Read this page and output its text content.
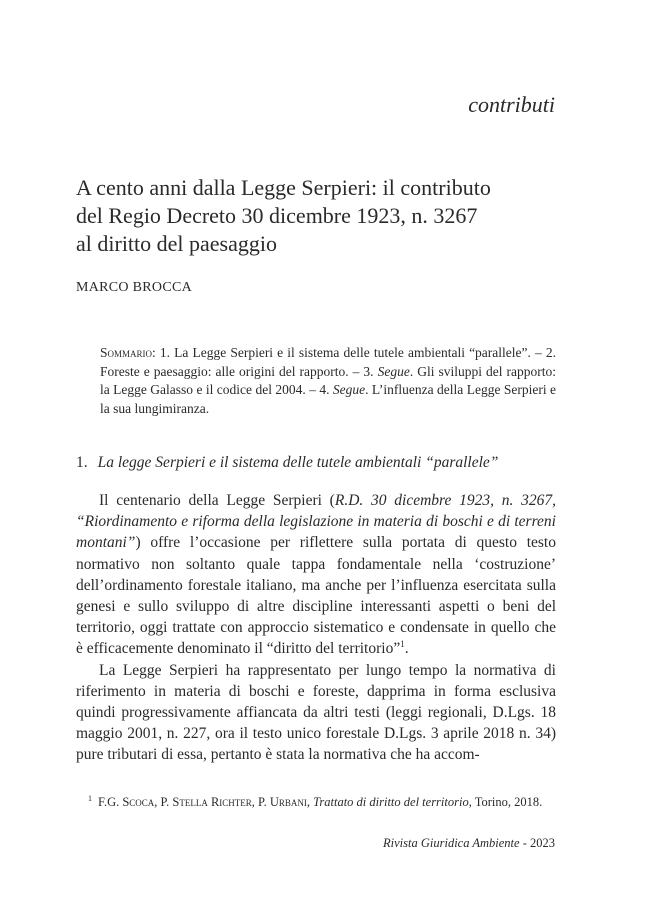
contributi
A cento anni dalla Legge Serpieri: il contributo
del Regio Decreto 30 dicembre 1923, n. 3267
al diritto del paesaggio
MARCO BROCCA
Sommario: 1. La Legge Serpieri e il sistema delle tutele ambientali “parallele”. – 2. Foreste e paesaggio: alle origini del rapporto. – 3. Segue. Gli sviluppi del rapporto: la Legge Galasso e il codice del 2004. – 4. Segue. L’influenza della Legge Serpieri e la sua lungimiranza.
1. La legge Serpieri e il sistema delle tutele ambientali “parallele”

Il centenario della Legge Serpieri (R.D. 30 dicembre 1923, n. 3267, “Riordinamento e riforma della legislazione in materia di boschi e di terreni montani”) offre l’occasione per riflettere sulla portata di questo testo normativo non soltanto quale tappa fondamentale nella ‘costruzione’ dell’ordinamento forestale italiano, ma anche per l’influenza esercitata sulla genesi e sullo sviluppo di altre discipline interessanti aspetti o beni del territorio, oggi trattate con approccio sistematico e condensate in quello che è efficacemente denominato il “diritto del territorio”$^1$.

La Legge Serpieri ha rappresentato per lungo tempo la normativa di riferimento in materia di boschi e foreste, dapprima in forma esclusiva quindi progressivamente affiancata da altri testi (leggi regionali, D.Lgs. 18 maggio 2001, n. 227, ora il testo unico forestale D.Lgs. 3 aprile 2018 n. 34) pure tributari di essa, pertanto è stata la normativa che ha accom-

$^1$ F.G. Scoca, P. Stella Richter, P. Urbani, Trattato di diritto del territorio, Torino, 2018.
Rivista Giuridica Ambiente - 2023
